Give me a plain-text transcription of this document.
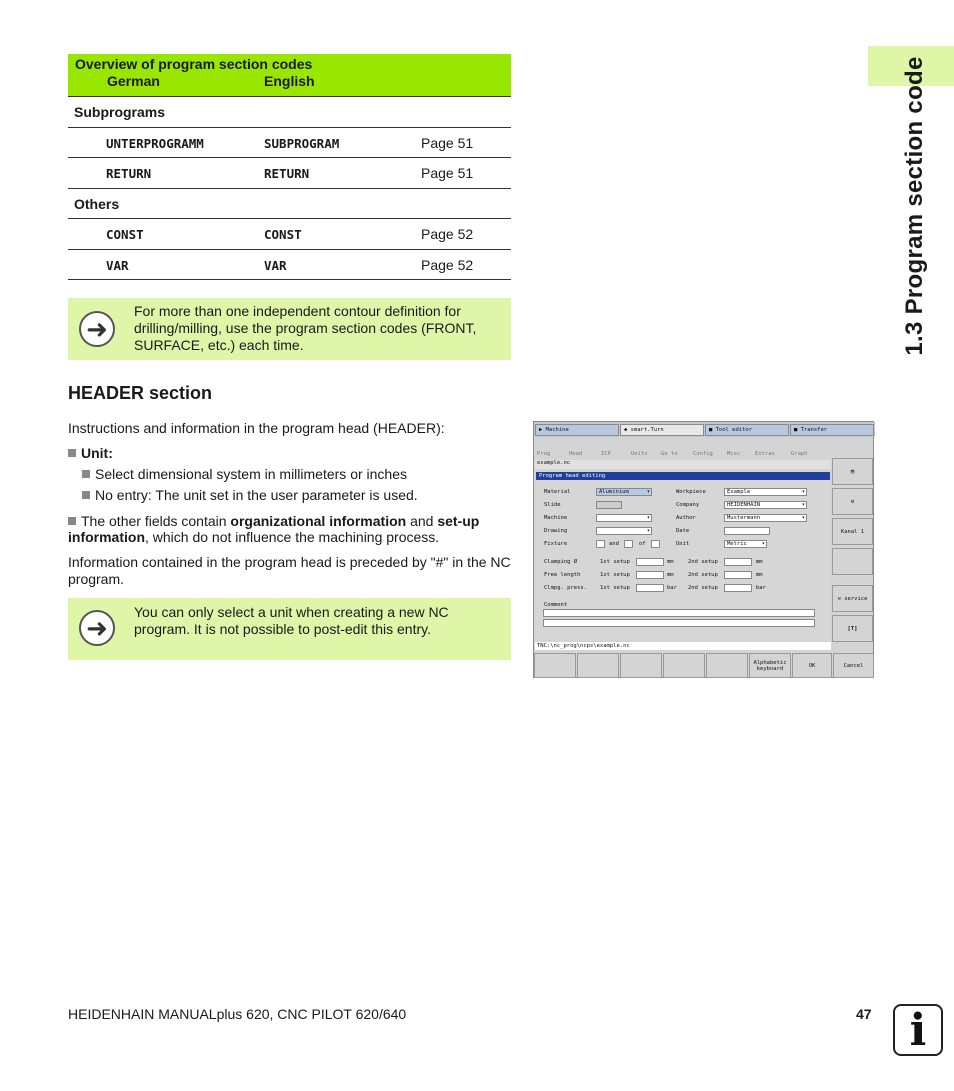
1.3 Program section code
Overview of program section codes
German	English
Subprograms
UNTERPROGRAMM	SUBPROGRAM	Page 51
RETURN	RETURN	Page 51
Others
CONST	CONST	Page 52
VAR	VAR	Page 52
➜
For more than one independent contour definition for drilling/milling, use the program section codes (FRONT, SURFACE, etc.) each time.
HEADER section
Instructions and information in the program head (HEADER):
Unit:
Select dimensional system in millimeters or inches
No entry: The unit set in the user parameter is used.
The other fields contain organizational information and set-up information, which do not influence the machining process.
Information contained in the program head is preceded by "#" in the NC program.
➜
You can only select a unit when creating a new NC program. It is not possible to post-edit this entry.
▶ Machine	◆ smart.Turn	■ Tool editor	■ Transfer
Prog	Head	ICP	Units Go to	Config	Misc	Extras	Graph
example.nc
Program head editing
Material	Aluminium ▾
Slide
Machine
▾
Drawing
▾
Fixture	and	of
Workpiece	Example ▾
Company	HEIDENHAIN ▾
Author	Mustermann ▾
Date
Unit	Metric ▾
Clamping Ø	1st setup	mm	2nd setup	mm
Free length	1st setup	mm	2nd setup	mm
Clmpg. press. 1st setup	bar 2nd setup	bar
Comment
TNC:\nc_prog\ncps\example.nc
▤
⚙
Kanal 1
⚒
service
[T]
Alphabetic keyboard	OK	Cancel
HEIDENHAIN MANUALplus 620, CNC PILOT 620/640	47 i
